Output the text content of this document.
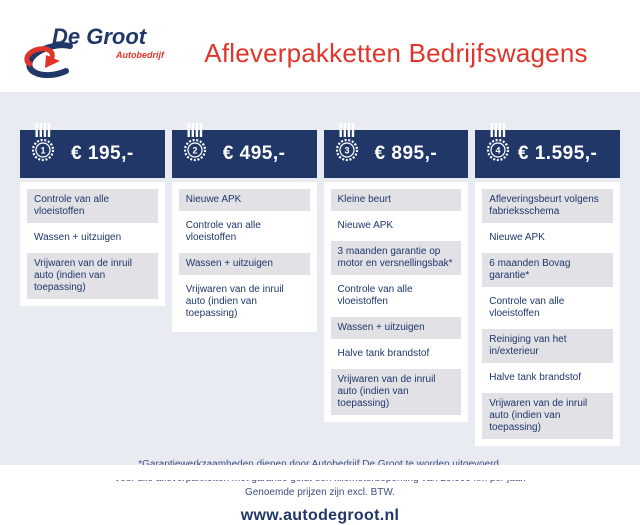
De Groot
Autobedrijf	Afleverpakketten Bedrijfswagens
1	€ 195,-
Controle van alle vloeistoffen
Wassen + uitzuigen
Vrijwaren van de inruil auto (indien van toepassing)
2	€ 495,-
Nieuwe APK
Controle van alle vloeistoffen
Wassen + uitzuigen
Vrijwaren van de inruil auto (indien van toepassing)
3	€ 895,-
Kleine beurt
Nieuwe APK
3 maanden garantie op motor en versnellingsbak*
Controle van alle vloeistoffen
Wassen + uitzuigen
Halve tank brandstof
Vrijwaren van de inruil auto (indien van toepassing)
4 € 1.595,-
Afleveringsbeurt volgens fabrieksschema
Nieuwe APK
6 maanden Bovag garantie*
Controle van alle vloeistoffen
Reiniging van het in/exterieur
Halve tank brandstof
Vrijwaren van de inruil auto (indien van toepassing)
Genoemde prijzen zijn excl. BTW.
www.autodegroot.nl
